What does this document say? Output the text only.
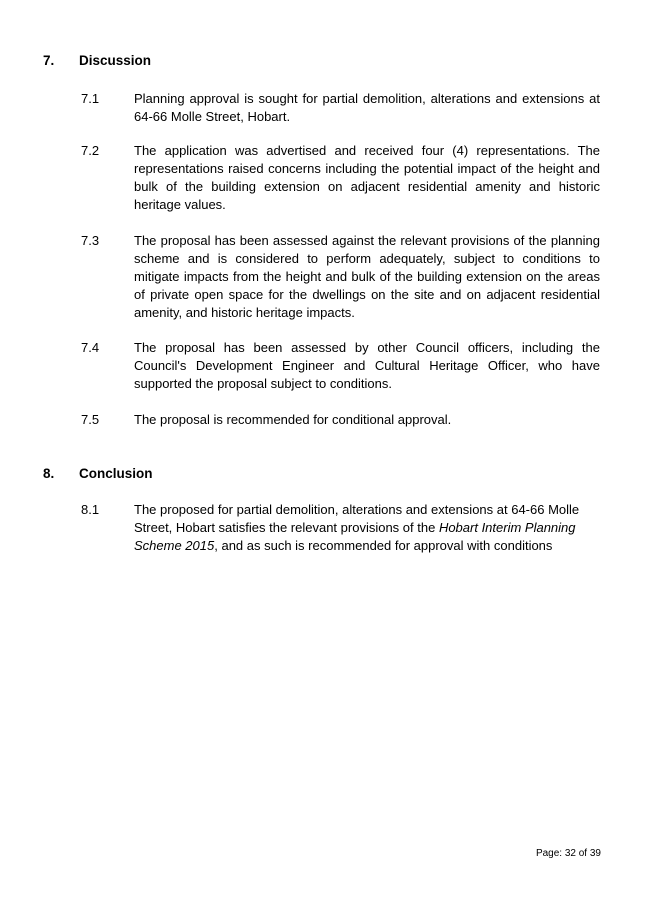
7.	Discussion
7.1	Planning approval is sought for partial demolition, alterations and extensions at 64-66 Molle Street, Hobart.
7.2	The application was advertised and received four (4) representations. The representations raised concerns including the potential impact of the height and bulk of the building extension on adjacent residential amenity and historic heritage values.
7.3	The proposal has been assessed against the relevant provisions of the planning scheme and is considered to perform adequately, subject to conditions to mitigate impacts from the height and bulk of the building extension on the areas of private open space for the dwellings on the site and on adjacent residential amenity, and historic heritage impacts.
7.4	The proposal has been assessed by other Council officers, including the Council's Development Engineer and Cultural Heritage Officer, who have supported the proposal subject to conditions.
7.5	The proposal is recommended for conditional approval.
8.	Conclusion
8.1	The proposed for partial demolition, alterations and extensions at 64-66 Molle Street, Hobart satisfies the relevant provisions of the Hobart Interim Planning Scheme 2015, and as such is recommended for approval with conditions
Page: 32 of 39
